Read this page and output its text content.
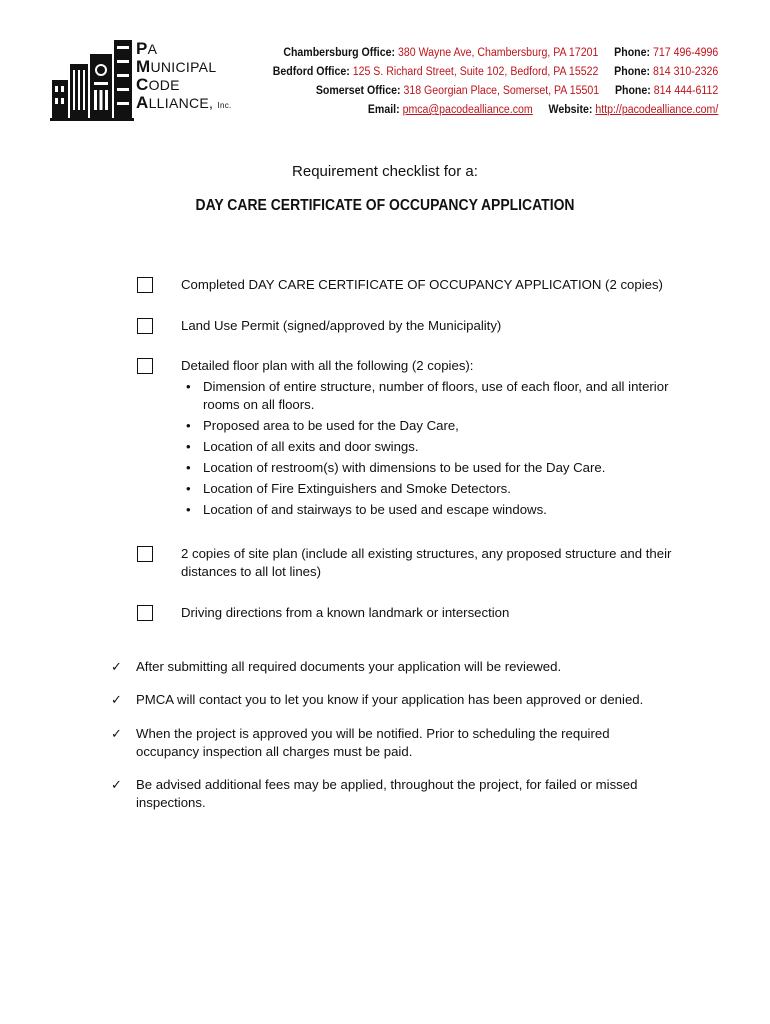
PA
MUNICIPAL
CODE
ALLIANCE, Inc.
Chambersburg Office: 380 Wayne Ave, Chambersburg, PA 17201 Phone: 717 496-4996
Bedford Office: 125 S. Richard Street, Suite 102, Bedford, PA 15522 Phone: 814 310-2326
Somerset Office: 318 Georgian Place, Somerset, PA 15501 Phone: 814 444-6112
Email: pmca@pacodealliance.com Website: http://pacodealliance.com/
Requirement checklist for a:
DAY CARE CERTIFICATE OF OCCUPANCY APPLICATION
Completed DAY CARE CERTIFICATE OF OCCUPANCY APPLICATION (2 copies)
Land Use Permit (signed/approved by the Municipality)
Detailed floor plan with all the following (2 copies):
• Dimension of entire structure, number of floors, use of each floor, and all interior rooms on all floors.
• Proposed area to be used for the Day Care,
• Location of all exits and door swings.
• Location of restroom(s) with dimensions to be used for the Day Care.
• Location of Fire Extinguishers and Smoke Detectors.
• Location of and stairways to be used and escape windows.
2 copies of site plan (include all existing structures, any proposed structure and their distances to all lot lines)
Driving directions from a known landmark or intersection
✓ After submitting all required documents your application will be reviewed.
✓ PMCA will contact you to let you know if your application has been approved or denied.
✓ When the project is approved you will be notified. Prior to scheduling the required occupancy inspection all charges must be paid.
✓ Be advised additional fees may be applied, throughout the project, for failed or missed inspections.
